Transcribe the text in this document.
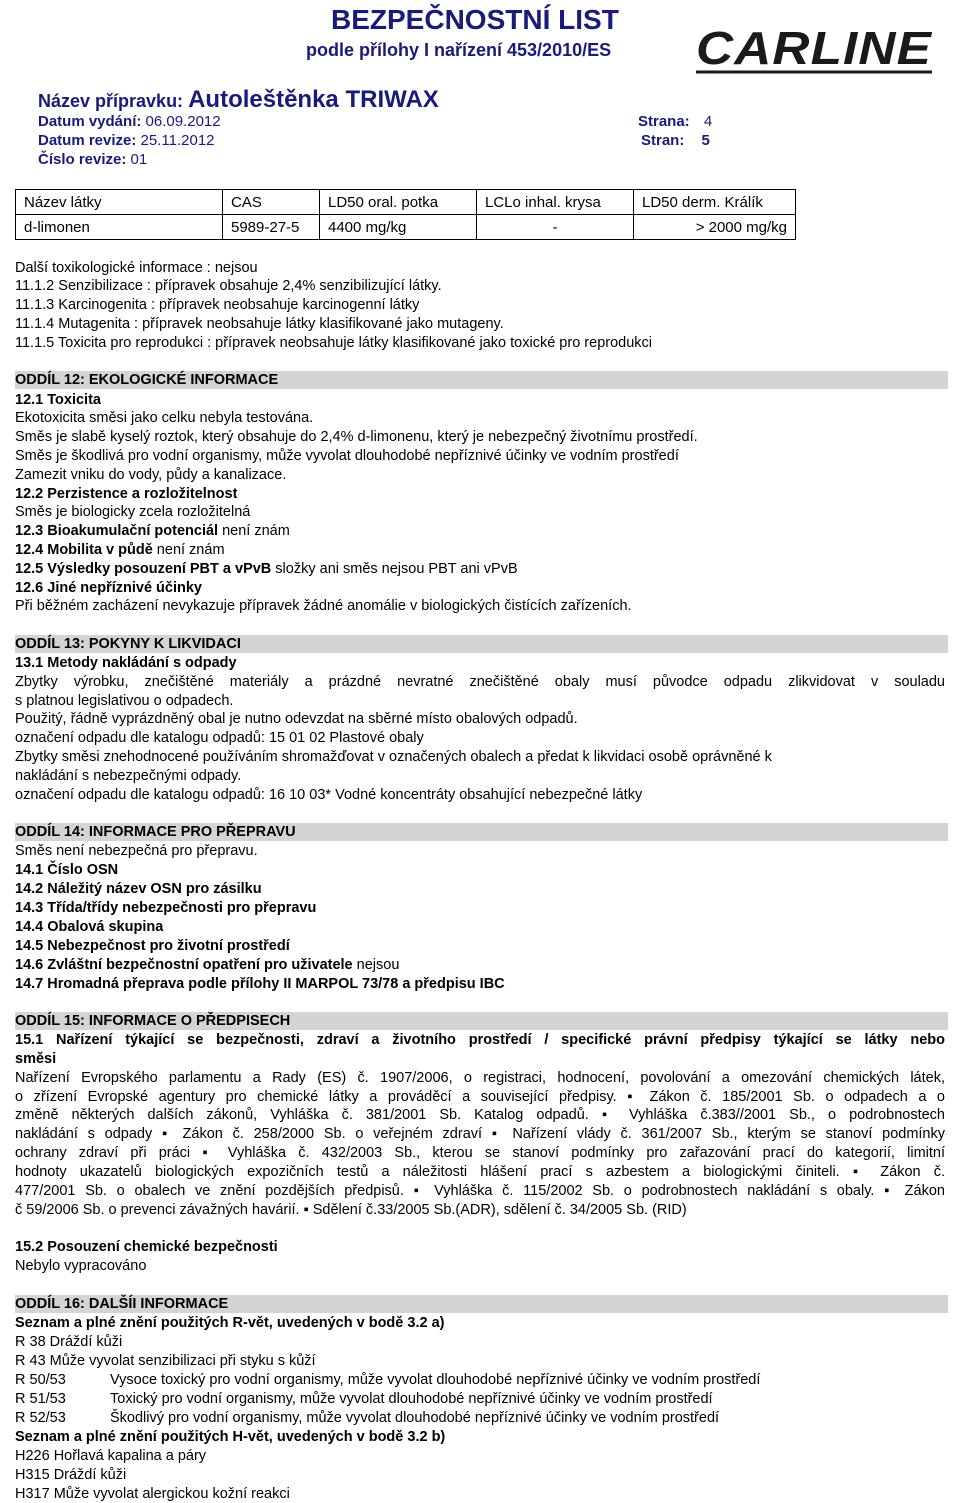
BEZPEČNOSTNÍ LIST
podle přílohy I nařízení 453/2010/ES CARLINE
Název přípravku: Autoleštěnka TRIWAX
Datum vydání: 06.09.2012
Datum revize: 25.11.2012
Číslo revize: 01
Strana: 4
Stran: 5
Název látky	CAS	LD50 oral. potka	LCLo inhal. krysa	LD50 derm. Králík
d-limonen	5989-27-5	4400 mg/kg	-	> 2000 mg/kg
Další toxikologické informace : nejsou
11.1.2 Senzibilizace : přípravek obsahuje 2,4% senzibilizující látky.
11.1.3 Karcinogenita : přípravek neobsahuje karcinogenní látky
11.1.4 Mutagenita : přípravek neobsahuje látky klasifikované jako mutageny.
11.1.5 Toxicita pro reprodukci : přípravek neobsahuje látky klasifikované jako toxické pro reprodukci
ODDÍL 12: EKOLOGICKÉ INFORMACE
12.1 Toxicita
Ekotoxicita směsi jako celku nebyla testována.
Směs je slabě kyselý roztok, který obsahuje do 2,4% d-limonenu, který je nebezpečný životnímu prostředí.
Směs je škodlivá pro vodní organismy, může vyvolat dlouhodobé nepříznivé účinky ve vodním prostředí
Zamezit vniku do vody, půdy a kanalizace.
12.2 Perzistence a rozložitelnost
Směs je biologicky zcela rozložitelná
12.3 Bioakumulační potenciál není znám
12.4 Mobilita v půdě není znám
12.5 Výsledky posouzení PBT a vPvB složky ani směs nejsou PBT ani vPvB
12.6 Jiné nepříznivé účinky
Při běžném zacházení nevykazuje přípravek žádné anomálie v biologických čistících zařízeních.
ODDÍL 13: POKYNY K LIKVIDACI
13.1 Metody nakládání s odpady
Zbytky výrobku, znečištěné materiály a prázdné nevratné znečištěné obaly musí původce odpadu zlikvidovat v souladu
s platnou legislativou o odpadech.
Použitý, řádně vyprázdněný obal je nutno odevzdat na sběrné místo obalových odpadů.
označení odpadu dle katalogu odpadů: 15 01 02 Plastové obaly
Zbytky směsi znehodnocené používáním shromažďovat v označených obalech a předat k likvidaci osobě oprávněné k
nakládání s nebezpečnými odpady.
označení odpadu dle katalogu odpadů: 16 10 03* Vodné koncentráty obsahující nebezpečné látky
ODDÍL 14: INFORMACE PRO PŘEPRAVU
Směs není nebezpečná pro přepravu.
14.1 Číslo OSN
14.2 Náležitý název OSN pro zásilku
14.3 Třída/třídy nebezpečnosti pro přepravu
14.4 Obalová skupina
14.5 Nebezpečnost pro životní prostředí
14.6 Zvláštní bezpečnostní opatření pro uživatele nejsou
14.7 Hromadná přeprava podle přílohy II MARPOL 73/78 a předpisu IBC
ODDÍL 15: INFORMACE O PŘEDPISECH
15.1 Nařízení týkající se bezpečnosti, zdraví a životního prostředí / specifické právní předpisy týkající se látky nebo
směsi
Nařízení Evropského parlamentu a Rady (ES) č. 1907/2006, o registraci, hodnocení, povolování a omezování chemických látek,
o zřízení Evropské agentury pro chemické látky a prováděcí a související předpisy. ▪ Zákon č. 185/2001 Sb. o odpadech a o
změně některých dalších zákonů, Vyhláška č. 381/2001 Sb. Katalog odpadů. ▪ Vyhláška č.383//2001 Sb., o podrobnostech
nakládání s odpady ▪ Zákon č. 258/2000 Sb. o veřejném zdraví ▪ Nařízení vlády č. 361/2007 Sb., kterým se stanoví podmínky
ochrany zdraví při práci ▪ Vyhláška č. 432/2003 Sb., kterou se stanoví podmínky pro zařazování prací do kategorií, limitní
hodnoty ukazatelů biologických expozičních testů a náležitosti hlášení prací s azbestem a biologickými činiteli. ▪ Zákon č.
477/2001 Sb. o obalech ve znění pozdějších předpisů. ▪ Vyhláška č. 115/2002 Sb. o podrobnostech nakládání s obaly. ▪ Zákon
č 59/2006 Sb. o prevenci závažných havárií. ▪ Sdělení č.33/2005 Sb.(ADR), sdělení č. 34/2005 Sb. (RID)
15.2 Posouzení chemické bezpečnosti
Nebylo vypracováno
ODDÍL 16: DALŠÍI INFORMACE
Seznam a plné znění použitých R-vět, uvedených v bodě 3.2 a)
R 38 Dráždí kůži
R 43 Může vyvolat senzibilizaci při styku s kůží
R 50/53	Vysoce toxický pro vodní organismy, může vyvolat dlouhodobé nepříznivé účinky ve vodním prostředí
R 51/53	Toxický pro vodní organismy, může vyvolat dlouhodobé nepříznivé účinky ve vodním prostředí
R 52/53	Škodlivý pro vodní organismy, může vyvolat dlouhodobé nepříznivé účinky ve vodním prostředí
Seznam a plné znění použitých H-vět, uvedených v bodě 3.2 b)
H226 Hořlavá kapalina a páry
H315 Dráždí kůži
H317 Může vyvolat alergickou kožní reakci
